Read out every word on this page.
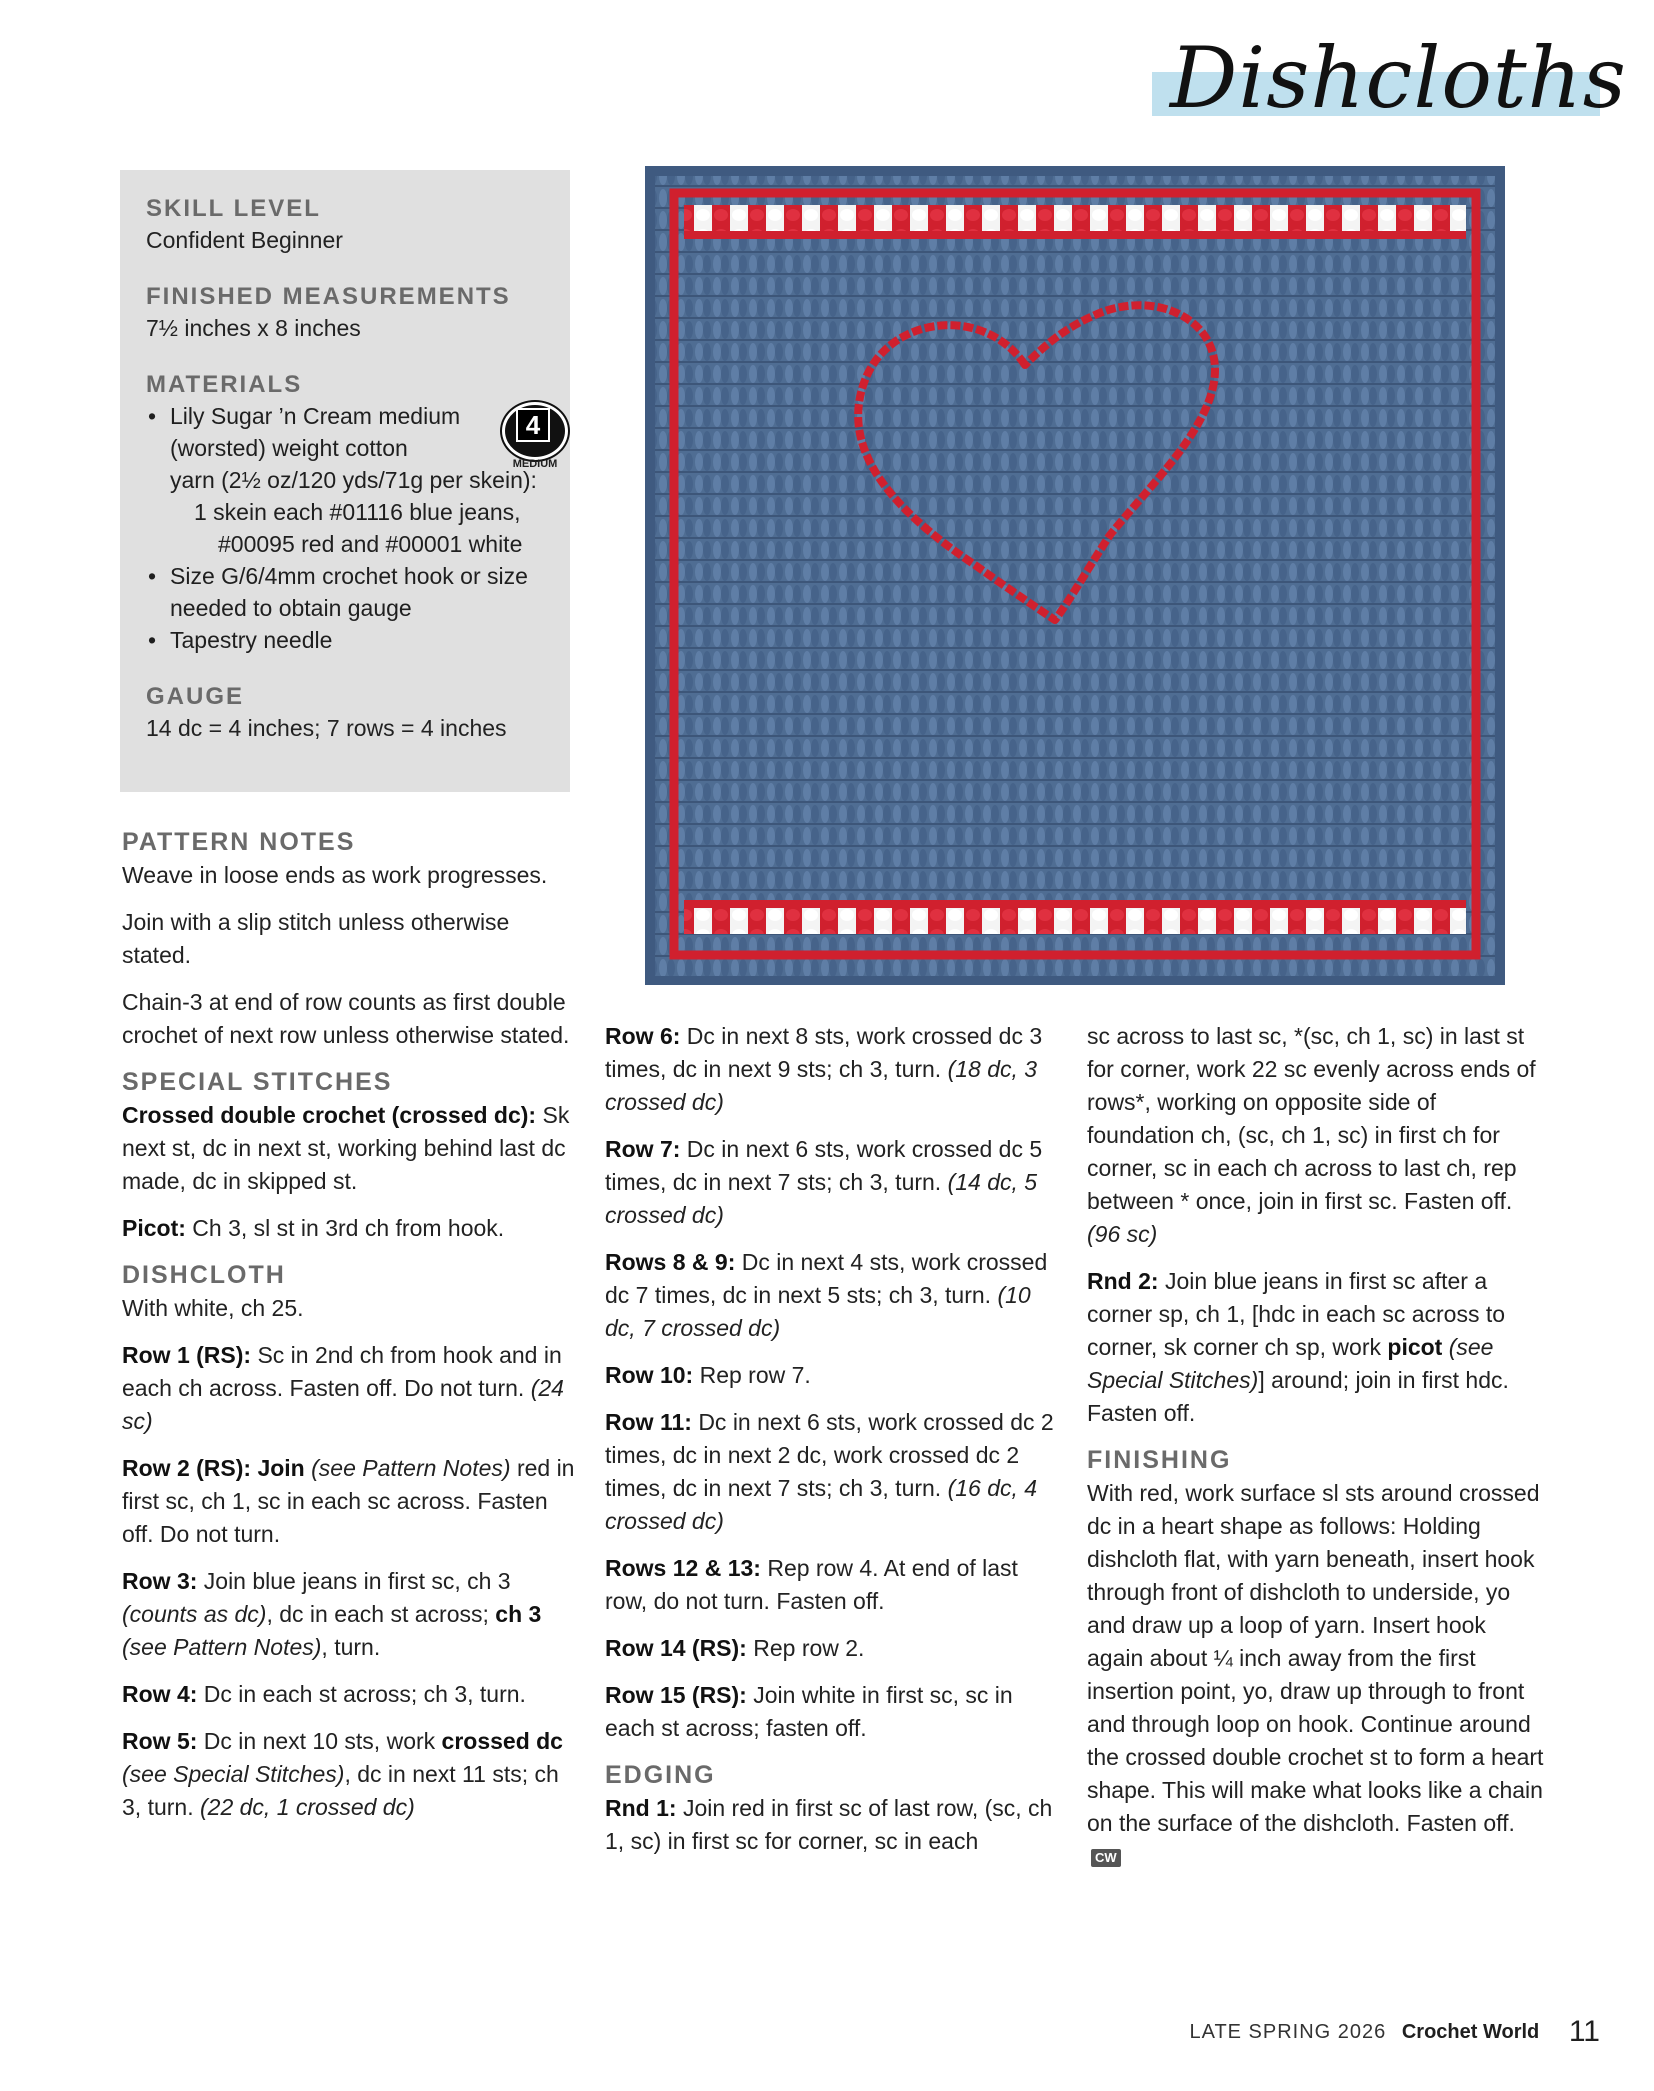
Dishcloths

SKILL LEVEL

Confident Beginner

FINISHED MEASUREMENTS

7½ inches x 8 inches

MATERIALS

• Lily Sugar ’n Cream medium
(worsted) weight cotton
yarn (2½ oz/120 yds/71g per skein):
1 skein each #01116 blue jeans,
#00095 red and #00001 white
• Size G/6/4mm crochet hook or size
needed to obtain gauge
• Tapestry needle
4
MEDIUM

GAUGE

14 dc = 4 inches; 7 rows = 4 inches

PATTERN NOTES

Weave in loose ends as work progresses.

Join with a slip stitch unless otherwise stated.

Chain-3 at end of row counts as first double crochet of next row unless otherwise stated.

SPECIAL STITCHES

Crossed double crochet (crossed dc): Sk next st, dc in next st, working behind last dc made, dc in skipped st.

Picot: Ch 3, sl st in 3rd ch from hook.

DISHCLOTH

With white, ch 25.

Row 1 (RS): Sc in 2nd ch from hook and in each ch across. Fasten off. Do not turn. (24 sc)

Row 2 (RS): Join (see Pattern Notes) red in first sc, ch 1, sc in each sc across. Fasten off. Do not turn.

Row 3: Join blue jeans in first sc, ch 3 (counts as dc), dc in each st across; ch 3 (see Pattern Notes), turn.

Row 4: Dc in each st across; ch 3, turn.

Row 5: Dc in next 10 sts, work crossed dc (see Special Stitches), dc in next 11 sts; ch 3, turn. (22 dc, 1 crossed dc)

Row 6: Dc in next 8 sts, work crossed dc 3 times, dc in next 9 sts; ch 3, turn. (18 dc, 3 crossed dc)

Row 7: Dc in next 6 sts, work crossed dc 5 times, dc in next 7 sts; ch 3, turn. (14 dc, 5 crossed dc)

Rows 8 & 9: Dc in next 4 sts, work crossed dc 7 times, dc in next 5 sts; ch 3, turn. (10 dc, 7 crossed dc)

Row 10: Rep row 7.

Row 11: Dc in next 6 sts, work crossed dc 2 times, dc in next 2 dc, work crossed dc 2 times, dc in next 7 sts; ch 3, turn. (16 dc, 4 crossed dc)

Rows 12 & 13: Rep row 4. At end of last row, do not turn. Fasten off.

Row 14 (RS): Rep row 2.

Row 15 (RS): Join white in first sc, sc in each st across; fasten off.

EDGING

Rnd 1: Join red in first sc of last row, (sc, ch 1, sc) in first sc for corner, sc in each

sc across to last sc, *(sc, ch 1, sc) in last st for corner, work 22 sc evenly across ends of rows*, working on opposite side of foundation ch, (sc, ch 1, sc) in first ch for corner, sc in each ch across to last ch, rep between * once, join in first sc. Fasten off. (96 sc)

Rnd 2: Join blue jeans in first sc after a corner sp, ch 1, [hdc in each sc across to corner, sk corner ch sp, work picot (see Special Stitches)] around; join in first hdc. Fasten off.

FINISHING

With red, work surface sl sts around crossed dc in a heart shape as follows: Holding dishcloth flat, with yarn beneath, insert hook through front of dishcloth to underside, yo and draw up a loop of yarn. Insert hook again about ¼ inch away from the first insertion point, yo, draw up through to front and through loop on hook. Continue around the crossed double crochet st to form a heart shape. This will make what looks like a chain on the surface of the dishcloth. Fasten off.CW

LATE SPRING 2026 Crochet World 11
